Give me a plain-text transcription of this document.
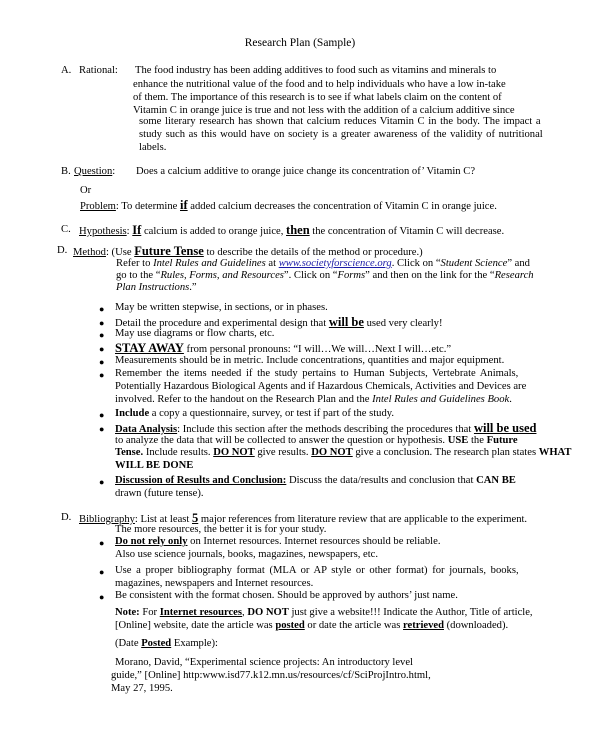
Research Plan (Sample)
A. Rational: The food industry has been adding additives to food such as vitamins and minerals to
enhance the nutritional value of the food and to help individuals who have a low in-take
of them. The importance of this research is to see if what labels claim on the content of
Vitamin C in orange juice is true and not less with the addition of a calcium additive since
some literary research has shown that calcium reduces Vitamin C in the body. The impact a
study such as this would have on society is a greater awareness of the validity of nutritional
labels.
B. Question: Does a calcium additive to orange juice change its concentration of’ Vitamin C?
Or
Problem: To determine if added calcium decreases the concentration of Vitamin C in orange juice.
C. Hypothesis: If calcium is added to orange juice, then the concentration of Vitamin C will decrease.
D. Method: (Use Future Tense to describe the details of the method or procedure.)
Refer to Intel Rules and Guidelines at www.societyforscience.org. Click on “Student Science” and
go to the “Rules, Forms, and Resources”. Click on “Forms” and then on the link for the “Research
Plan Instructions.”
● May be written stepwise, in sections, or in phases.
● Detail the procedure and experimental design that will be used very clearly!
● May use diagrams or flow charts, etc.
● STAY AWAY from personal pronouns: “I will…We will…Next I will…etc.”
● Measurements should be in metric. Include concentrations, quantities and major equipment.
● Remember the items needed if the study pertains to Human Subjects, Vertebrate Animals,
Potentially Hazardous Biological Agents and if Hazardous Chemicals, Activities and Devices are
involved. Refer to the handout on the Research Plan and the Intel Rules and Guidelines Book.
● Include a copy a questionnaire, survey, or test if part of the study.
● Data Analysis: Include this section after the methods describing the procedures that will be used
to analyze the data that will be collected to answer the question or hypothesis. USE the Future
Tense. Include results. DO NOT give results. DO NOT give a conclusion. The research plan states WHAT
WILL BE DONE
● Discussion of Results and Conclusion: Discuss the data/results and conclusion that CAN BE
drawn (future tense).
D. Bibliography: List at least 5 major references from literature review that are applicable to the experiment.
The more resources, the better it is for your study.
● Do not rely only on Internet resources. Internet resources should be reliable.
Also use science journals, books, magazines, newspapers, etc.
● Use a proper bibliography format (MLA or AP style or other format) for journals, books,
magazines, newspapers and Internet resources.
● Be consistent with the format chosen. Should be approved by authors’ just name.
Note: For Internet resources, DO NOT just give a website!!! Indicate the Author, Title of article,
[Online] website, date the article was posted or date the article was retrieved (downloaded).
(Date Posted Example):
Morano, David, “Experimental science projects: An introductory level
guide,” [Online] http:www.isd77.k12.mn.us/resources/cf/SciProjIntro.html,
May 27, 1995.
